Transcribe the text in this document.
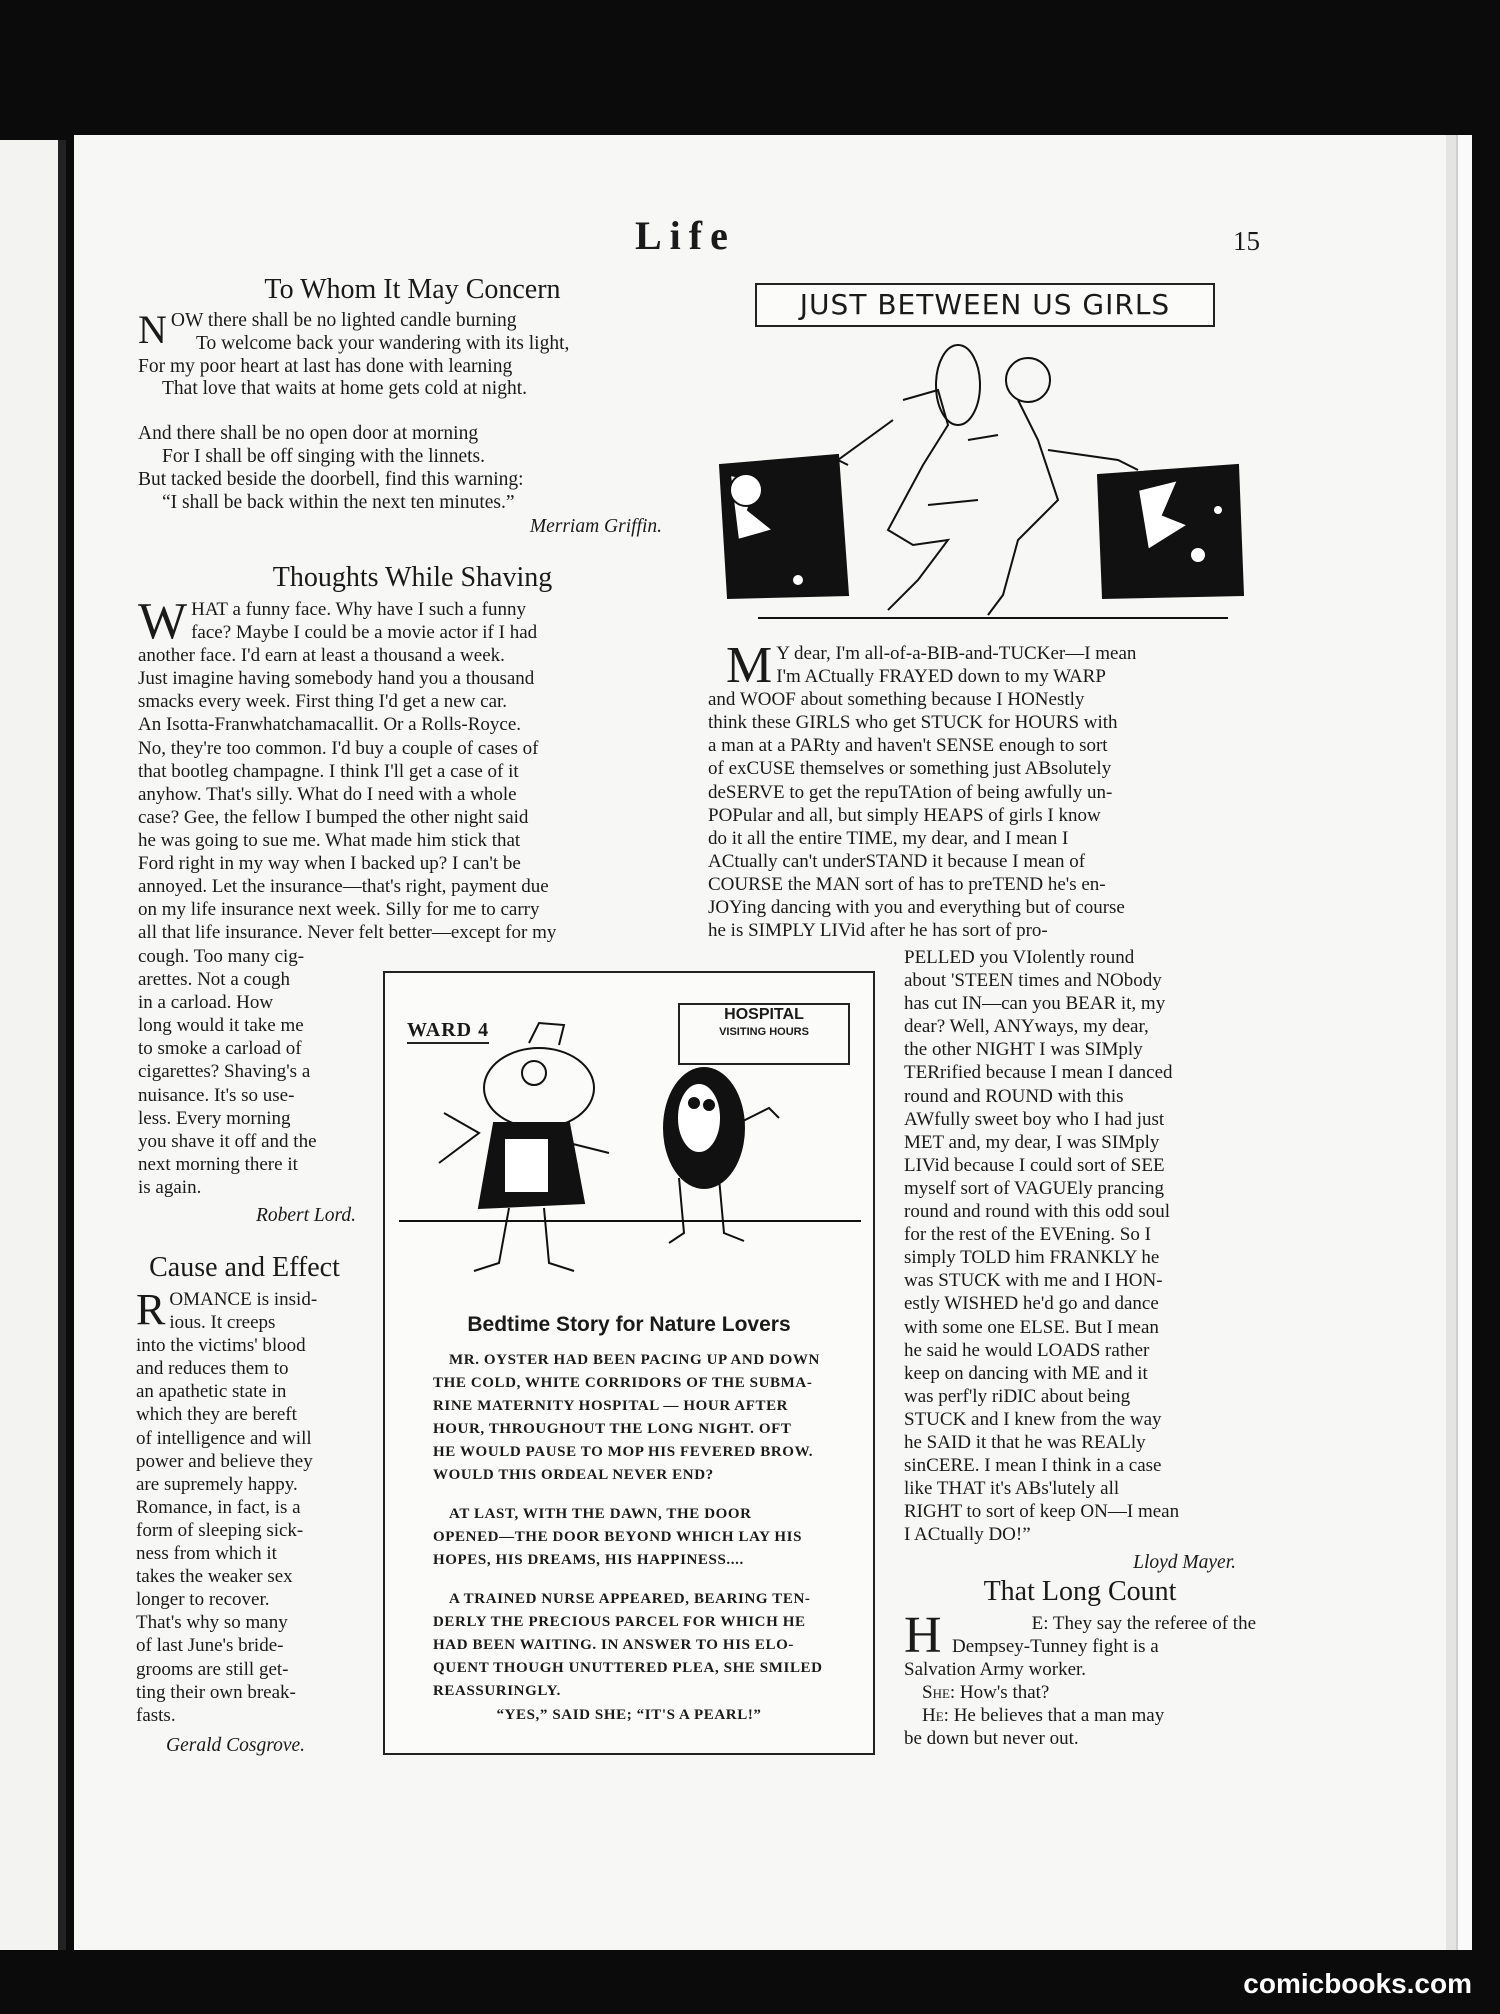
Life	15
To Whom It May Concern
N OW there shall be no lighted candle burning

To welcome back your wandering with its light,

For my poor heart at last has done with learning

That love that waits at home gets cold at night.

And there shall be no open door at morning

For I shall be off singing with the linnets.

But tacked beside the doorbell, find this warning:

“I shall be back within the next ten minutes.”

Merriam Griffin.
Thoughts While Shaving
W HAT a funny face. Why have I such a funny

face? Maybe I could be a movie actor if I had

another face. I'd earn at least a thousand a week.

Just imagine having somebody hand you a thousand

smacks every week. First thing I'd get a new car.

An Isotta-Franwhatchamacallit. Or a Rolls-Royce.

No, they're too common. I'd buy a couple of cases of

that bootleg champagne. I think I'll get a case of it

anyhow. That's silly. What do I need with a whole

case? Gee, the fellow I bumped the other night said

he was going to sue me. What made him stick that

Ford right in my way when I backed up? I can't be

annoyed. Let the insurance—that's right, payment due

on my life insurance next week. Silly for me to carry

all that life insurance. Never felt better—except for my

cough. Too many cig-

arettes. Not a cough

in a carload. How

long would it take me

to smoke a carload of

cigarettes? Shaving's a

nuisance. It's so use-

less. Every morning

you shave it off and the

next morning there it

is again.

Robert Lord.
Cause and Effect
R OMANCE is insid-

ious. It creeps

into the victims' blood

and reduces them to

an apathetic state in

which they are bereft

of intelligence and will

power and believe they

are supremely happy.

Romance, in fact, is a

form of sleeping sick-

ness from which it

takes the weaker sex

longer to recover.

That's why so many

of last June's bride-

grooms are still get-

ting their own break-

fasts.

Gerald Cosgrove.
JUST BETWEEN US GIRLS
M Y dear, I'm all-of-a-BIB-and-TUCKer—I mean

I'm ACtually FRAYED down to my WARP

and WOOF about something because I HONestly

think these GIRLS who get STUCK for HOURS with

a man at a PARty and haven't SENSE enough to sort

of exCUSE themselves or something just ABsolutely

deSERVE to get the repuTAtion of being awfully un-

POPular and all, but simply HEAPS of girls I know

do it all the entire TIME, my dear, and I mean I

ACtually can't underSTAND it because I mean of

COURSE the MAN sort of has to preTEND he's en-

JOYing dancing with you and everything but of course

he is SIMPLY LIVid after he has sort of pro-

PELLED you VIolently round

about 'STEEN times and NObody

has cut IN—can you BEAR it, my

dear? Well, ANYways, my dear,

the other NIGHT I was SIMply

TERrified because I mean I danced

round and ROUND with this

AWfully sweet boy who I had just

MET and, my dear, I was SIMply

LIVid because I could sort of SEE

myself sort of VAGUEly prancing

round and round with this odd soul

for the rest of the EVEning. So I

simply TOLD him FRANKLY he

was STUCK with me and I HON-

estly WISHED he'd go and dance

with some one ELSE. But I mean

he said he would LOADS rather

keep on dancing with ME and it

was perf'ly riDIC about being

STUCK and I knew from the way

he SAID it that he was REALly

sinCERE. I mean I think in a case

like THAT it's ABs'lutely all

RIGHT to sort of keep ON—I mean

I ACtually DO!”

Lloyd Mayer.
WARD 4
HOSPITAL
VISITING HOURS
Bedtime Story for Nature Lovers

MR. OYSTER HAD BEEN PACING UP AND DOWN

THE COLD, WHITE CORRIDORS OF THE SUBMA-

RINE MATERNITY HOSPITAL — HOUR AFTER

HOUR, THROUGHOUT THE LONG NIGHT. OFT

HE WOULD PAUSE TO MOP HIS FEVERED BROW.

WOULD THIS ORDEAL NEVER END?

AT LAST, WITH THE DAWN, THE DOOR

OPENED—THE DOOR BEYOND WHICH LAY HIS

HOPES, HIS DREAMS, HIS HAPPINESS....

A TRAINED NURSE APPEARED, BEARING TEN-

DERLY THE PRECIOUS PARCEL FOR WHICH HE

HAD BEEN WAITING. IN ANSWER TO HIS ELO-

QUENT THOUGH UNUTTERED PLEA, SHE SMILED

REASSURINGLY.

“YES,” SAID SHE; “IT'S A PEARL!”
That Long Count
H	E: They say the referee of the

Dempsey-Tunney fight is a

Salvation Army worker.

She: How's that?

He: He believes that a man may

be down but never out.

comicbooks.com
